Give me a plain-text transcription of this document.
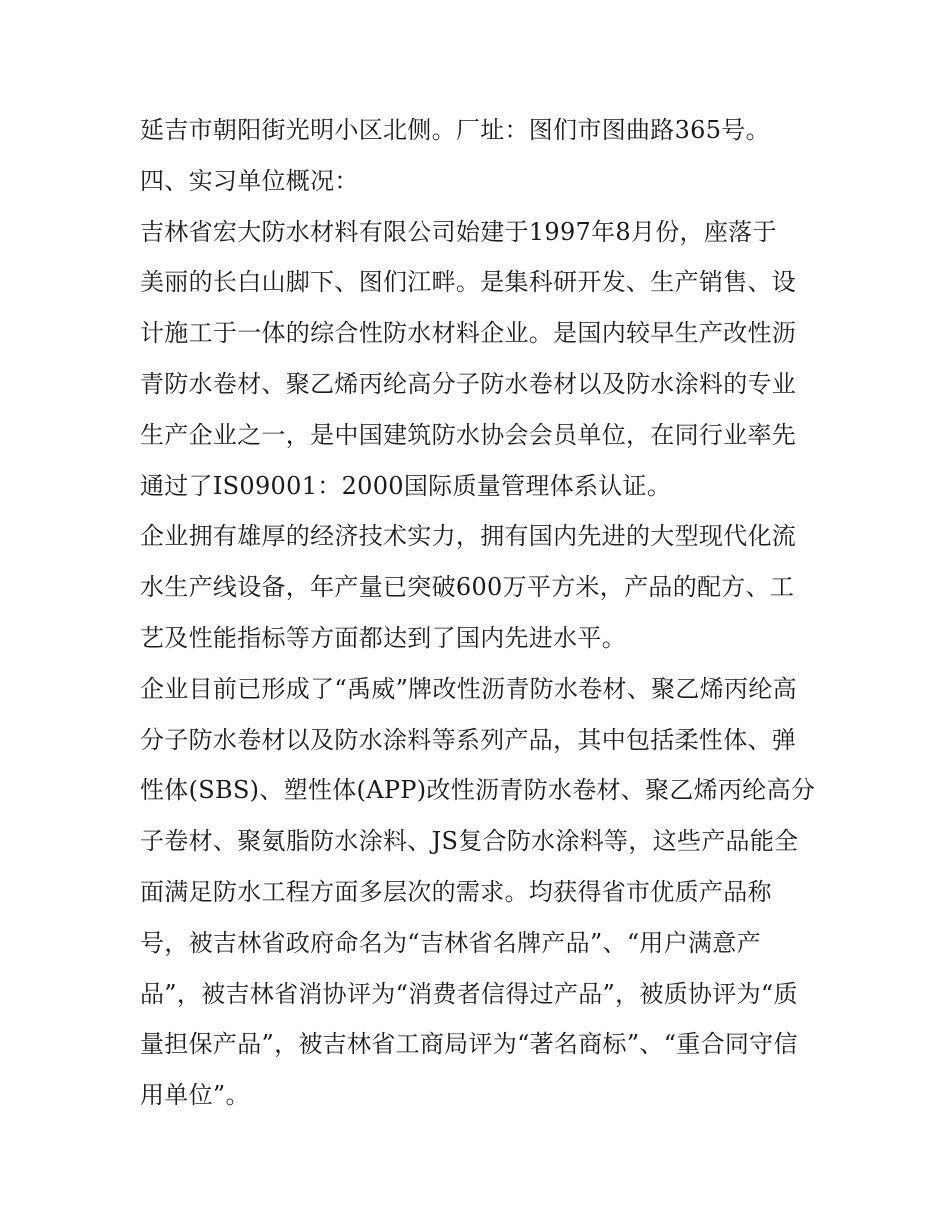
延吉市朝阳街光明小区北侧。厂址：图们市图曲路365号。
四、实习单位概况：
吉林省宏大防水材料有限公司始建于1997年8月份，座落于
美丽的长白山脚下、图们江畔。是集科研开发、生产销售、设
计施工于一体的综合性防水材料企业。是国内较早生产改性沥
青防水卷材、聚乙烯丙纶高分子防水卷材以及防水涂料的专业
生产企业之一，是中国建筑防水协会会员单位，在同行业率先
通过了IS09001：2000国际质量管理体系认证。
企业拥有雄厚的经济技术实力，拥有国内先进的大型现代化流
水生产线设备，年产量已突破600万平方米，产品的配方、工
艺及性能指标等方面都达到了国内先进水平。
企业目前已形成了“禹威”牌改性沥青防水卷材、聚乙烯丙纶高
分子防水卷材以及防水涂料等系列产品，其中包括柔性体、弹
性体(SBS)、塑性体(APP)改性沥青防水卷材、聚乙烯丙纶高分
子卷材、聚氨脂防水涂料、JS复合防水涂料等，这些产品能全
面满足防水工程方面多层次的需求。均获得省市优质产品称
号，被吉林省政府命名为“吉林省名牌产品”、“用户满意产
品”，被吉林省消协评为“消费者信得过产品”，被质协评为“质
量担保产品”，被吉林省工商局评为“著名商标”、“重合同守信
用单位”。
